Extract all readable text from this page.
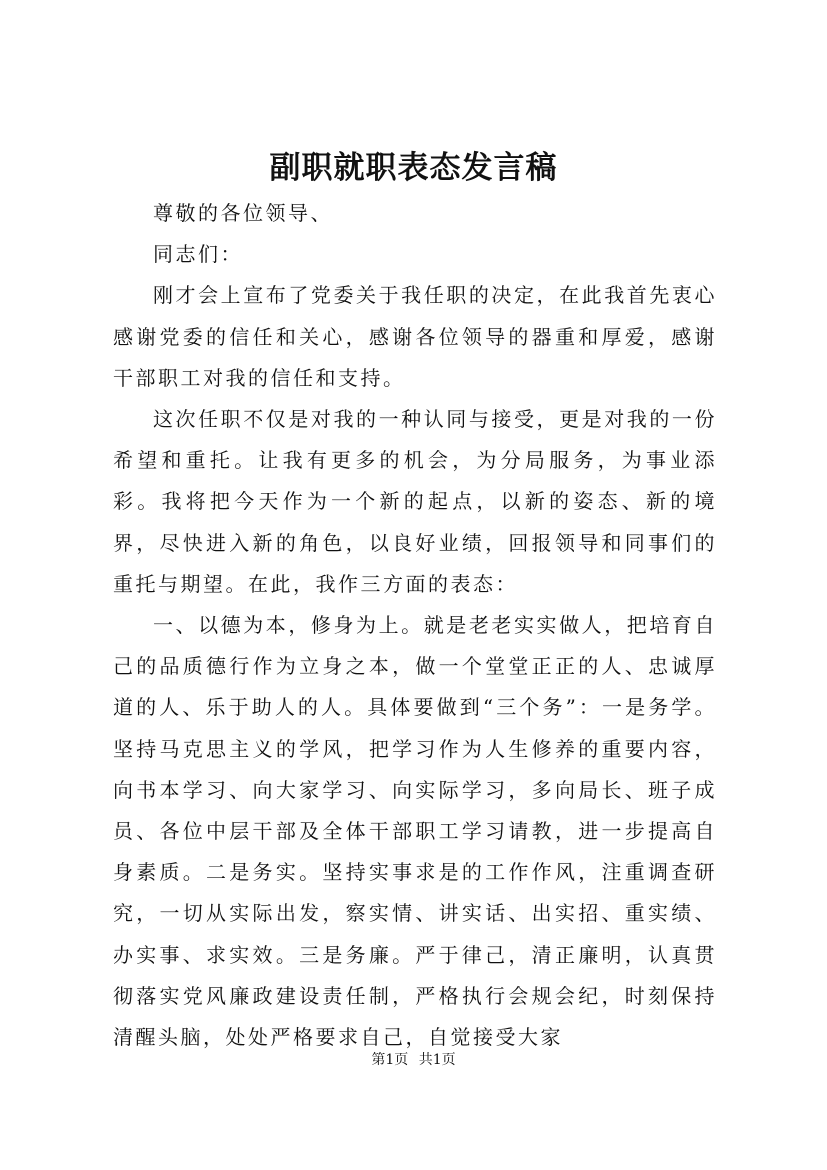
副职就职表态发言稿

尊敬的各位领导、

同志们：

刚才会上宣布了党委关于我任职的决定，在此我首先衷心感谢党委的信任和关心，感谢各位领导的器重和厚爱，感谢干部职工对我的信任和支持。

这次任职不仅是对我的一种认同与接受，更是对我的一份希望和重托。让我有更多的机会，为分局服务，为事业添彩。我将把今天作为一个新的起点，以新的姿态、新的境界，尽快进入新的角色，以良好业绩，回报领导和同事们的重托与期望。在此，我作三方面的表态：

一、以德为本，修身为上。就是老老实实做人，把培育自己的品质德行作为立身之本，做一个堂堂正正的人、忠诚厚道的人、乐于助人的人。具体要做到“三个务”：一是务学。坚持马克思主义的学风，把学习作为人生修养的重要内容，向书本学习、向大家学习、向实际学习，多向局长、班子成员、各位中层干部及全体干部职工学习请教，进一步提高自身素质。二是务实。坚持实事求是的工作作风，注重调查研究，一切从实际出发，察实情、讲实话、出实招、重实绩、办实事、求实效。三是务廉。严于律己，清正廉明，认真贯彻落实党风廉政建设责任制，严格执行会规会纪，时刻保持清醒头脑，处处严格要求自己，自觉接受大家

第1页 共1页
